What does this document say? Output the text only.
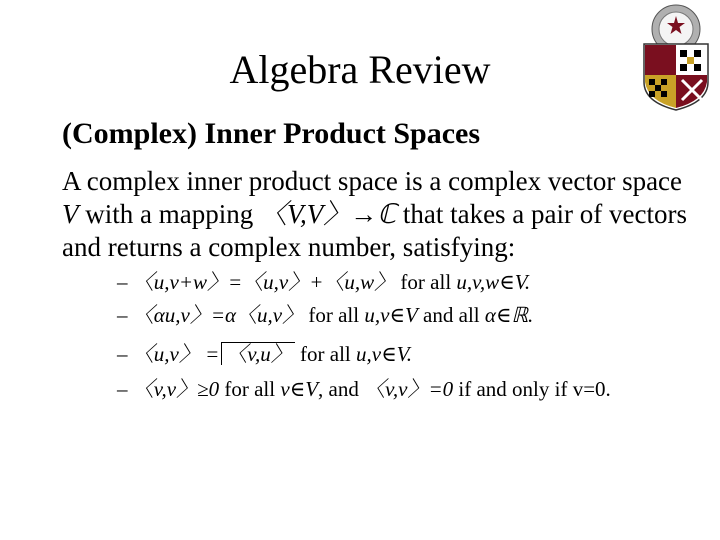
Algebra Review
(Complex) Inner Product Spaces
A complex inner product space is a complex vector space V with a mapping 〈V,V〉→ℂ that takes a pair of vectors and returns a complex number, satisfying:
– 〈u,v+w〉=〈u,v〉+〈u,w〉 for all u,v,w∈V.
– 〈αu,v〉=α〈u,v〉 for all u,v∈V and all α∈ℝ.
– 〈u,v〉 = 〈v,u〉 for all u,v∈V.
– 〈v,v〉≥0 for all v∈V, and 〈v,v〉=0 if and only if v=0.
